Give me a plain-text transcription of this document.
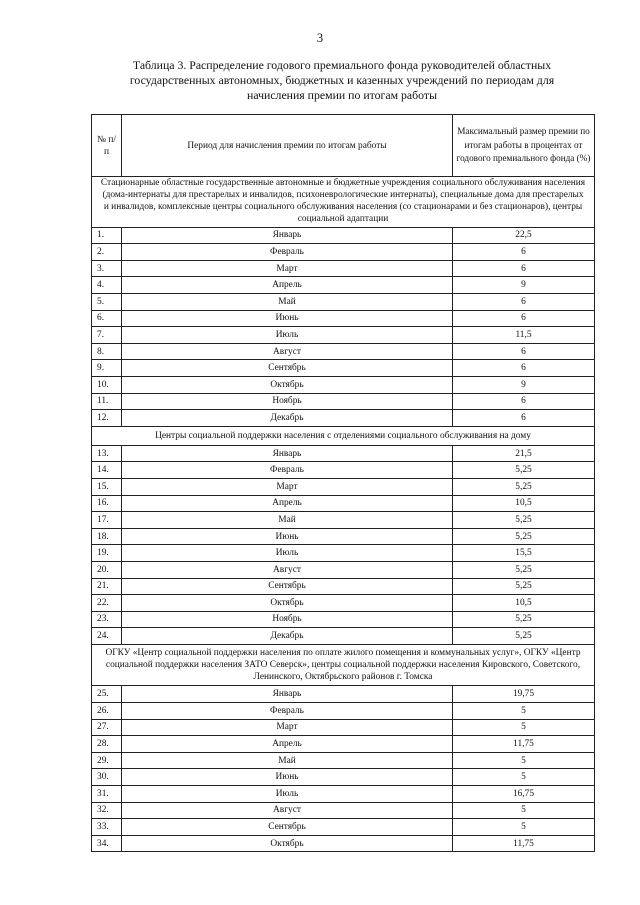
3
Таблица 3. Распределение годового премиального фонда руководителей областных государственных автономных, бюджетных и казенных учреждений по периодам для начисления премии по итогам работы
№ п/п	Период для начисления премии по итогам работы	Максимальный размер премии по итогам работы в процентах от годового премиального фонда (%)
Стационарные областные государственные автономные и бюджетные учреждения социального обслуживания населения (дома-интернаты для престарелых и инвалидов, психоневрологические интернаты), специальные дома для престарелых и инвалидов, комплексные центры социального обслуживания населения (со стационарами и без стационаров), центры социальной адаптации		
1.	Январь	22,5
2.	Февраль	6
3.	Март	6
4.	Апрель	9
5.	Май	6
6.	Июнь	6
7.	Июль	11,5
8.	Август	6
9.	Сентябрь	6
10.	Октябрь	9
11.	Ноябрь	6
12.	Декабрь	6
Центры социальной поддержки населения с отделениями социального обслуживания на дому		
13.	Январь	21,5
14.	Февраль	5,25
15.	Март	5,25
16.	Апрель	10,5
17.	Май	5,25
18.	Июнь	5,25
19.	Июль	15,5
20.	Август	5,25
21.	Сентябрь	5,25
22.	Октябрь	10,5
23.	Ноябрь	5,25
24.	Декабрь	5,25
ОГКУ «Центр социальной поддержки населения по оплате жилого помещения и коммунальных услуг», ОГКУ «Центр социальной поддержки населения ЗАТО Северск», центры социальной поддержки населения Кировского, Советского, Ленинского, Октябрьского районов г. Томска		
25.	Январь	19,75
26.	Февраль	5
27.	Март	5
28.	Апрель	11,75
29.	Май	5
30.	Июнь	5
31.	Июль	16,75
32.	Август	5
33.	Сентябрь	5
34.	Октябрь	11,75
